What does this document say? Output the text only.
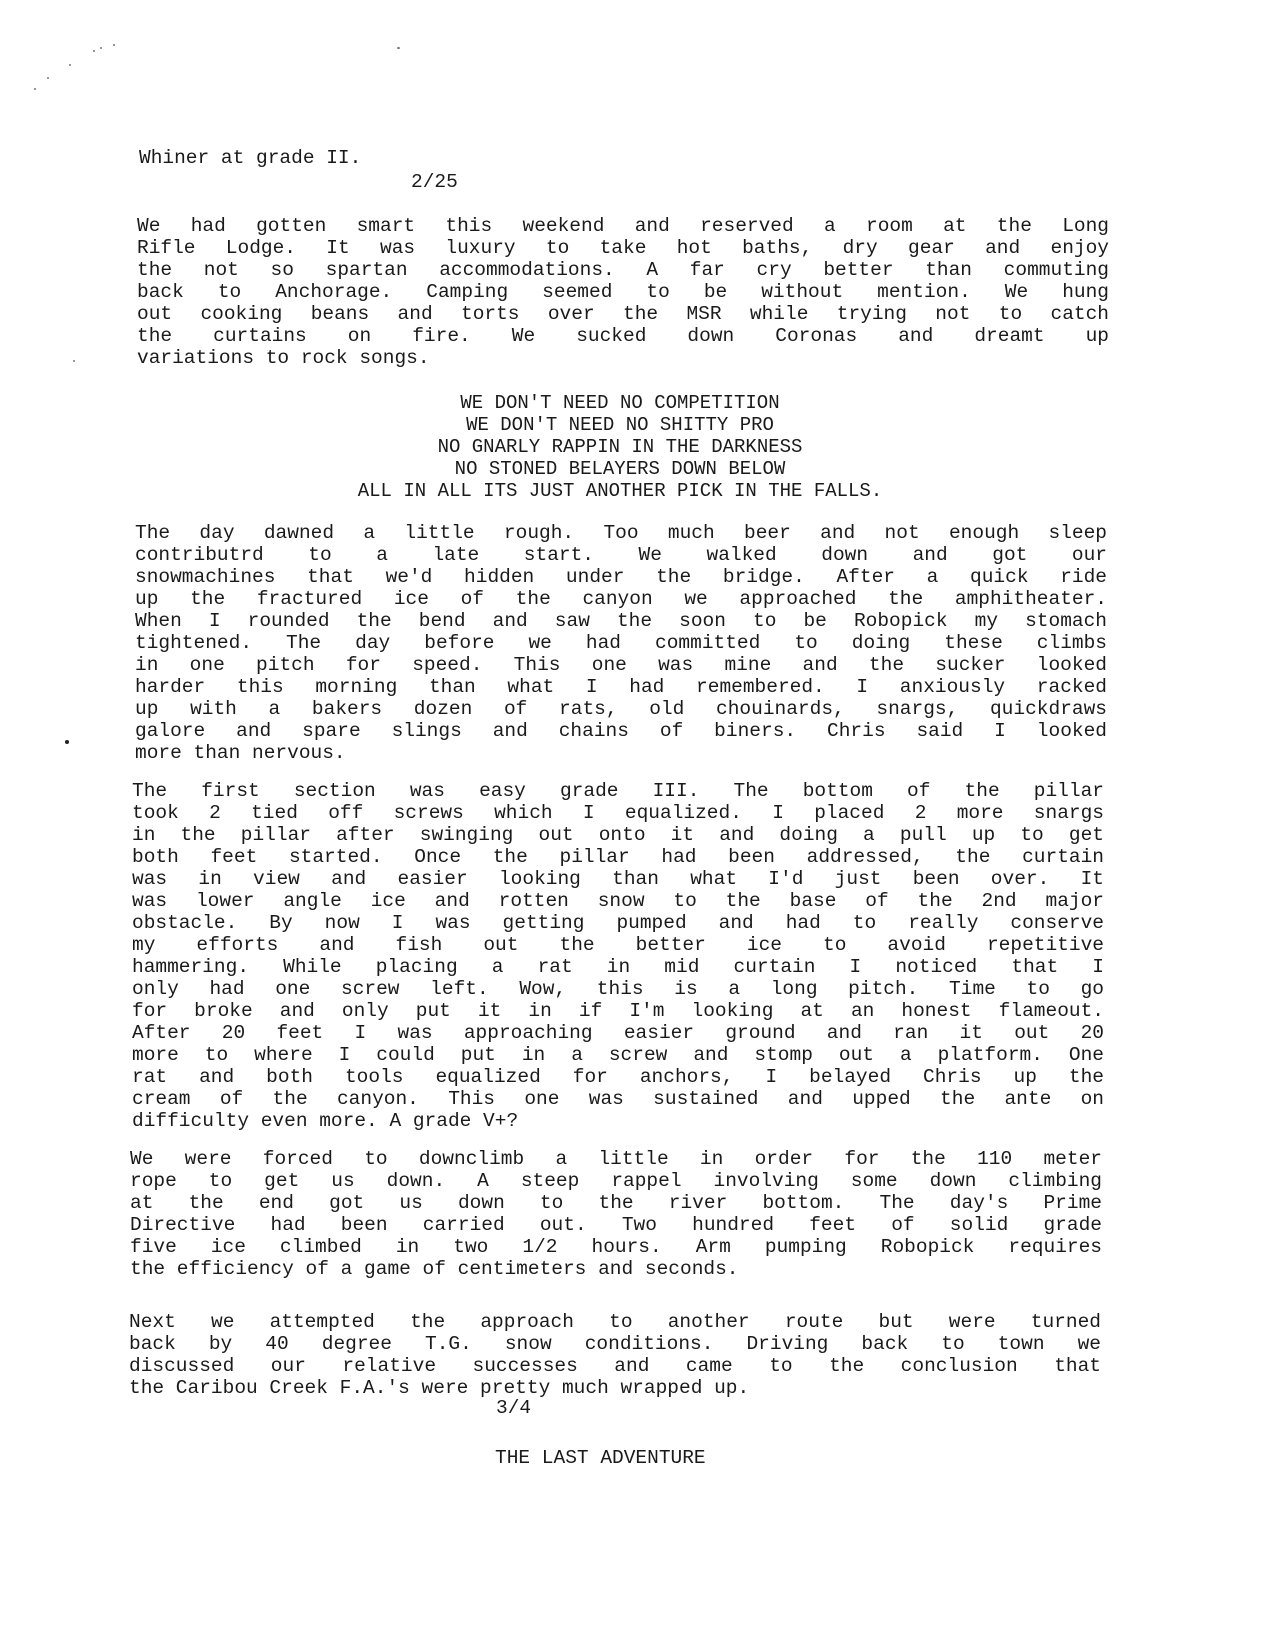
Whiner at grade II.
2/25
We had gotten smart this weekend and reserved a room at the Long
Rifle Lodge. It was luxury to take hot baths, dry gear and enjoy
the not so spartan accommodations. A far cry better than commuting
back to Anchorage. Camping seemed to be without mention. We hung
out cooking beans and torts over the MSR while trying not to catch
the curtains on fire. We sucked down Coronas and dreamt up
variations to rock songs.
WE DON'T NEED NO COMPETITION
WE DON'T NEED NO SHITTY PRO
NO GNARLY RAPPIN IN THE DARKNESS
NO STONED BELAYERS DOWN BELOW
ALL IN ALL ITS JUST ANOTHER PICK IN THE FALLS.
The day dawned a little rough. Too much beer and not enough sleep
contributrd to a late start. We walked down and got our
snowmachines that we'd hidden under the bridge. After a quick ride
up the fractured ice of the canyon we approached the amphitheater.
When I rounded the bend and saw the soon to be Robopick my stomach
tightened. The day before we had committed to doing these climbs
in one pitch for speed. This one was mine and the sucker looked
harder this morning than what I had remembered. I anxiously racked
up with a bakers dozen of rats, old chouinards, snargs, quickdraws
galore and spare slings and chains of biners. Chris said I looked
more than nervous.
The first section was easy grade III. The bottom of the pillar
took 2 tied off screws which I equalized. I placed 2 more snargs
in the pillar after swinging out onto it and doing a pull up to get
both feet started. Once the pillar had been addressed, the curtain
was in view and easier looking than what I'd just been over. It
was lower angle ice and rotten snow to the base of the 2nd major
obstacle. By now I was getting pumped and had to really conserve
my efforts and fish out the better ice to avoid repetitive
hammering. While placing a rat in mid curtain I noticed that I
only had one screw left. Wow, this is a long pitch. Time to go
for broke and only put it in if I'm looking at an honest flameout.
After 20 feet I was approaching easier ground and ran it out 20
more to where I could put in a screw and stomp out a platform. One
rat and both tools equalized for anchors, I belayed Chris up the
cream of the canyon. This one was sustained and upped the ante on
difficulty even more. A grade V+?
We were forced to downclimb a little in order for the 110 meter
rope to get us down. A steep rappel involving some down climbing
at the end got us down to the river bottom. The day's Prime
Directive had been carried out. Two hundred feet of solid grade
five ice climbed in two 1/2 hours. Arm pumping Robopick requires
the efficiency of a game of centimeters and seconds.
Next we attempted the approach to another route but were turned
back by 40 degree T.G. snow conditions. Driving back to town we
discussed our relative successes and came to the conclusion that
the Caribou Creek F.A.'s were pretty much wrapped up.
3/4
THE LAST ADVENTURE
